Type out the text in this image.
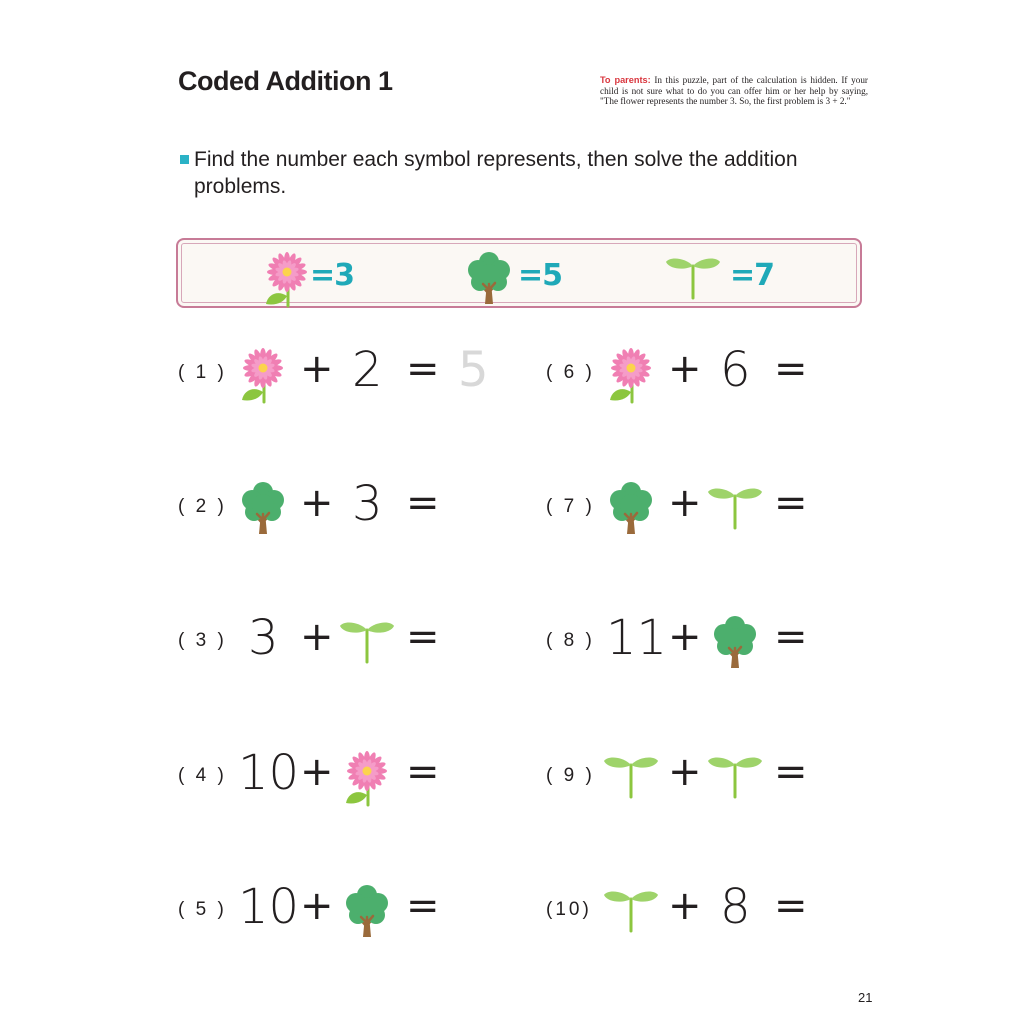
Coded Addition 1	To parents: In this puzzle, part of the calculation is hidden. If your child is not sure what to do you can offer him or her help by saying, "The flower represents the number 3. So, the first problem is 3 + 2."
Find the number each symbol represents, then solve the addition problems.
=3	=5	=7
( 1 ) + 2 = 5
( 2 ) + 3 =
( 3 ) 3 + =
( 4 ) 10 + =
( 5 ) 10 + =
( 6 ) + 6 =
( 7 ) + =
( 8 ) 11 + =
( 9 ) + =
(10) + 8 =
21
